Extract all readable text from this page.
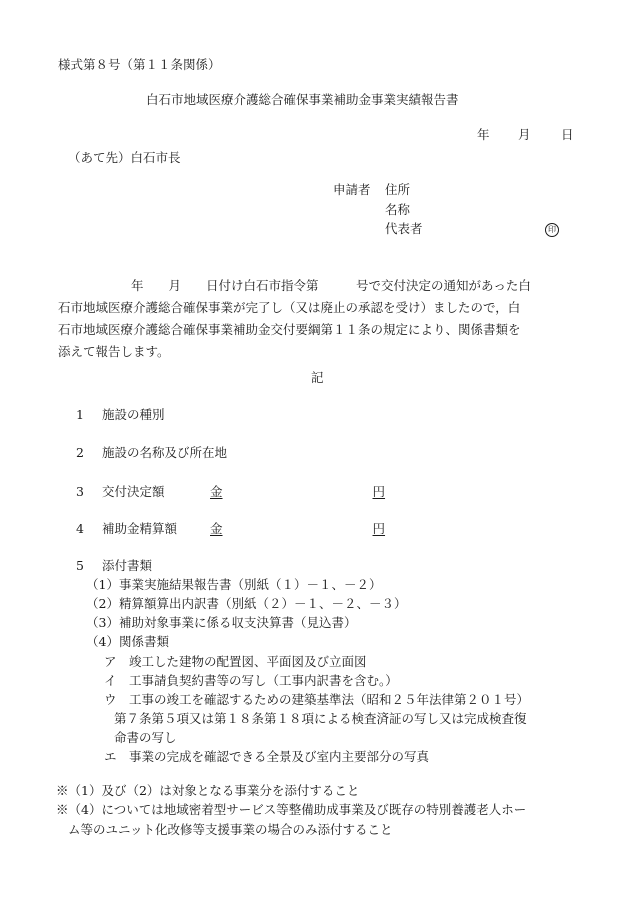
様式第８号（第１１条関係）
白石市地域医療介護総合確保事業補助金事業実績報告書
年 月 日
（あて先）白石市長
申請者 住所
名称
代表者	印
年　　月　　日付け白石市指令第　　　号で交付決定の通知があった白
石市地域医療介護総合確保事業が完了し（又は廃止の承認を受け）ましたので，白
石市地域医療介護総合確保事業補助金交付要綱第１１条の規定により、関係書類を
添えて報告します。
記
1 施設の種別
2 施設の名称及び所在地
3 交付決定額	金	円
4 補助金精算額	金	円
5 添付書類
（1）事業実施結果報告書（別紙（１）－１、－２）
（2）精算額算出内訳書（別紙（２）－１、－２、－３）
（3）補助対象事業に係る収支決算書（見込書）
（4）関係書類
ア　竣工した建物の配置図、平面図及び立面図
イ　工事請負契約書等の写し（工事内訳書を含む。）
ウ　工事の竣工を確認するための建築基準法（昭和２５年法律第２０１号）
第７条第５項又は第１８条第１８項による検査済証の写し又は完成検査復
命書の写し
エ　事業の完成を確認できる全景及び室内主要部分の写真
※（1）及び（2）は対象となる事業分を添付すること
※（4）については地域密着型サービス等整備助成事業及び既存の特別養護老人ホー
ム等のユニット化改修等支援事業の場合のみ添付すること
